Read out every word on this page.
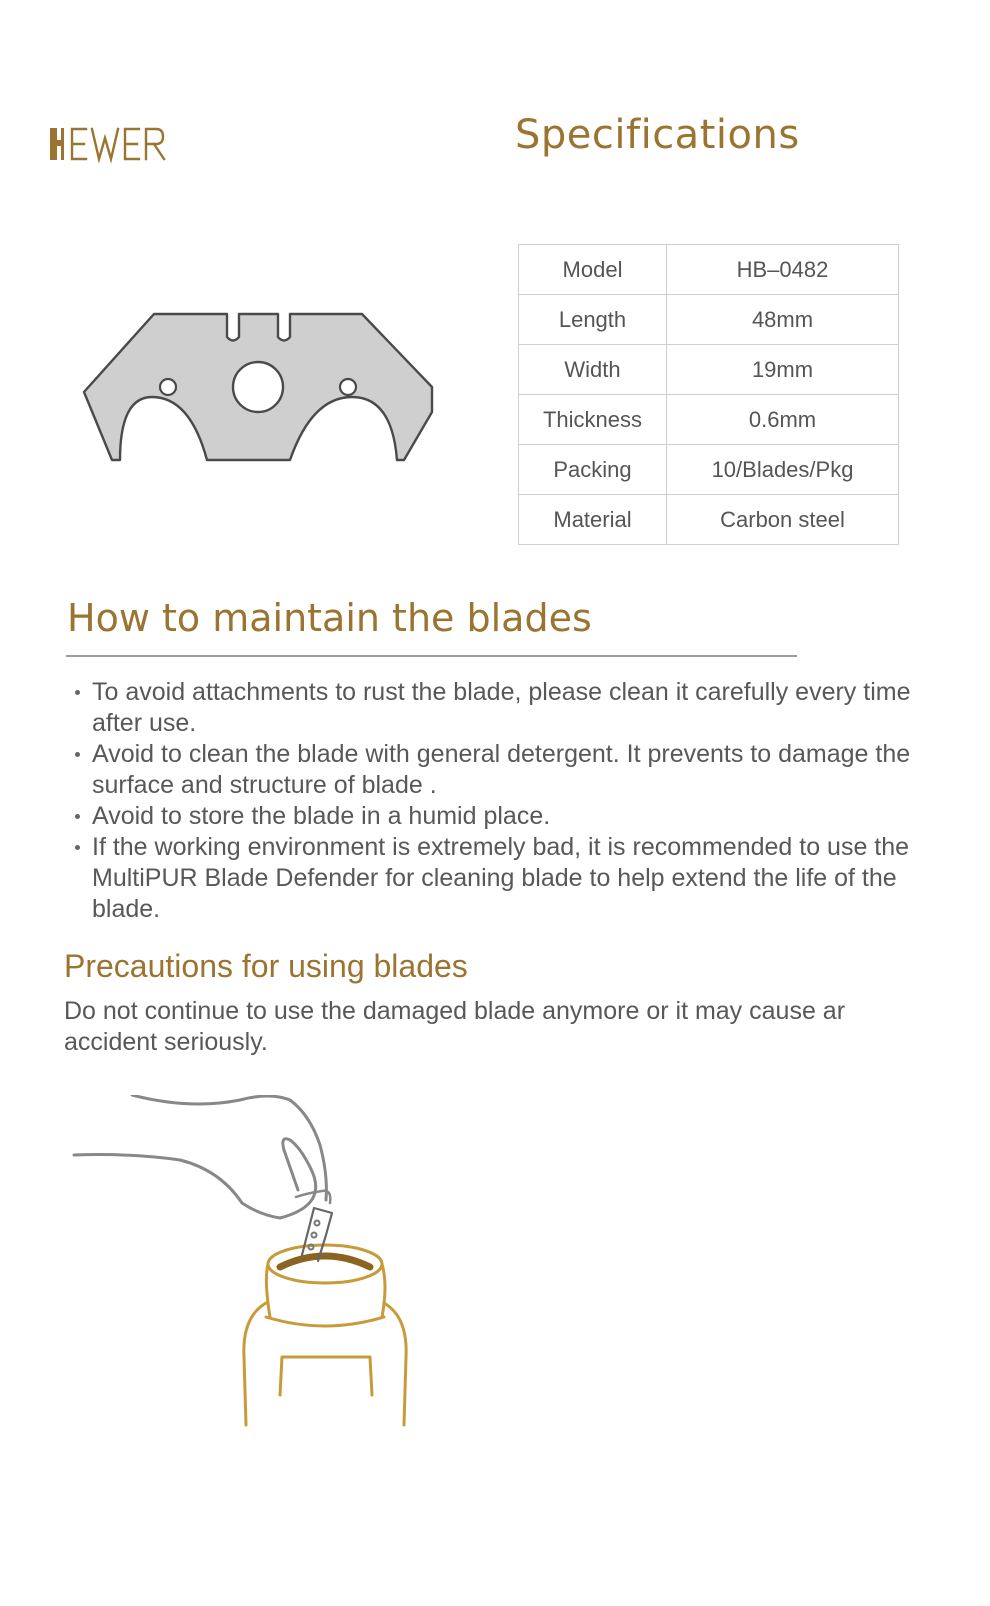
Specifications
Model	HB–0482
Length	48mm
Width	19mm
Thickness	0.6mm
Packing	10/Blades/Pkg
Material	Carbon steel
How to maintain the blades
To avoid attachments to rust the blade, please clean it carefully every time after use.
Avoid to clean the blade with general detergent. It prevents to damage the surface and structure of blade .
Avoid to store the blade in a humid place.
If the working environment is extremely bad, it is recommended to use the MultiPUR Blade Defender for cleaning blade to help extend the life of the blade.
Precautions for using blades

Do not continue to use the damaged blade anymore or it may cause ar accident seriously.
